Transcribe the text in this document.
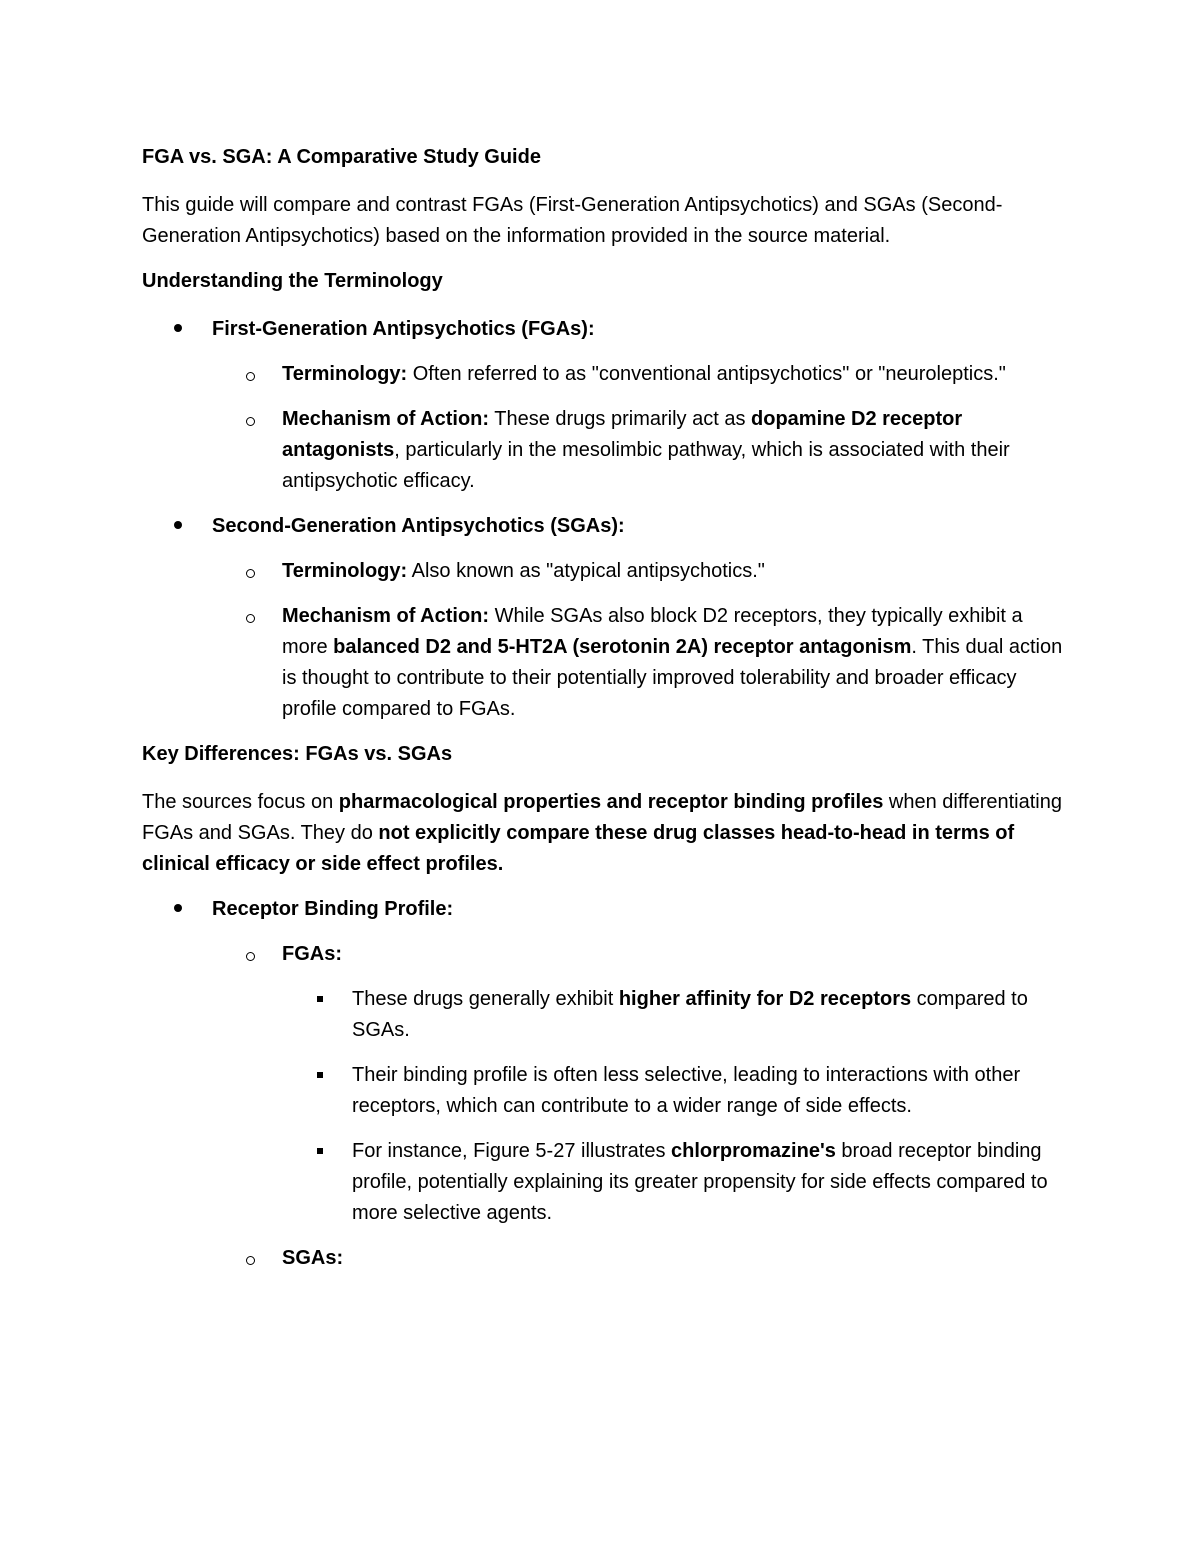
FGA vs. SGA: A Comparative Study Guide

This guide will compare and contrast FGAs (First-Generation Antipsychotics) and SGAs (Second-Generation Antipsychotics) based on the information provided in the source material.

Understanding the Terminology
First-Generation Antipsychotics (FGAs):
Terminology: Often referred to as "conventional antipsychotics" or "neuroleptics."
Mechanism of Action: These drugs primarily act as dopamine D2 receptor antagonists, particularly in the mesolimbic pathway, which is associated with their antipsychotic efficacy.
Second-Generation Antipsychotics (SGAs):
Terminology: Also known as "atypical antipsychotics."
Mechanism of Action: While SGAs also block D2 receptors, they typically exhibit a more balanced D2 and 5-HT2A (serotonin 2A) receptor antagonism. This dual action is thought to contribute to their potentially improved tolerability and broader efficacy profile compared to FGAs.
Key Differences: FGAs vs. SGAs

The sources focus on pharmacological properties and receptor binding profiles when differentiating FGAs and SGAs. They do not explicitly compare these drug classes head-to-head in terms of clinical efficacy or side effect profiles.

Receptor Binding Profile:
FGAs:
These drugs generally exhibit higher affinity for D2 receptors compared to SGAs.
Their binding profile is often less selective, leading to interactions with other receptors, which can contribute to a wider range of side effects.
For instance, Figure 5-27 illustrates chlorpromazine's broad receptor binding profile, potentially explaining its greater propensity for side effects compared to more selective agents.
SGAs:
